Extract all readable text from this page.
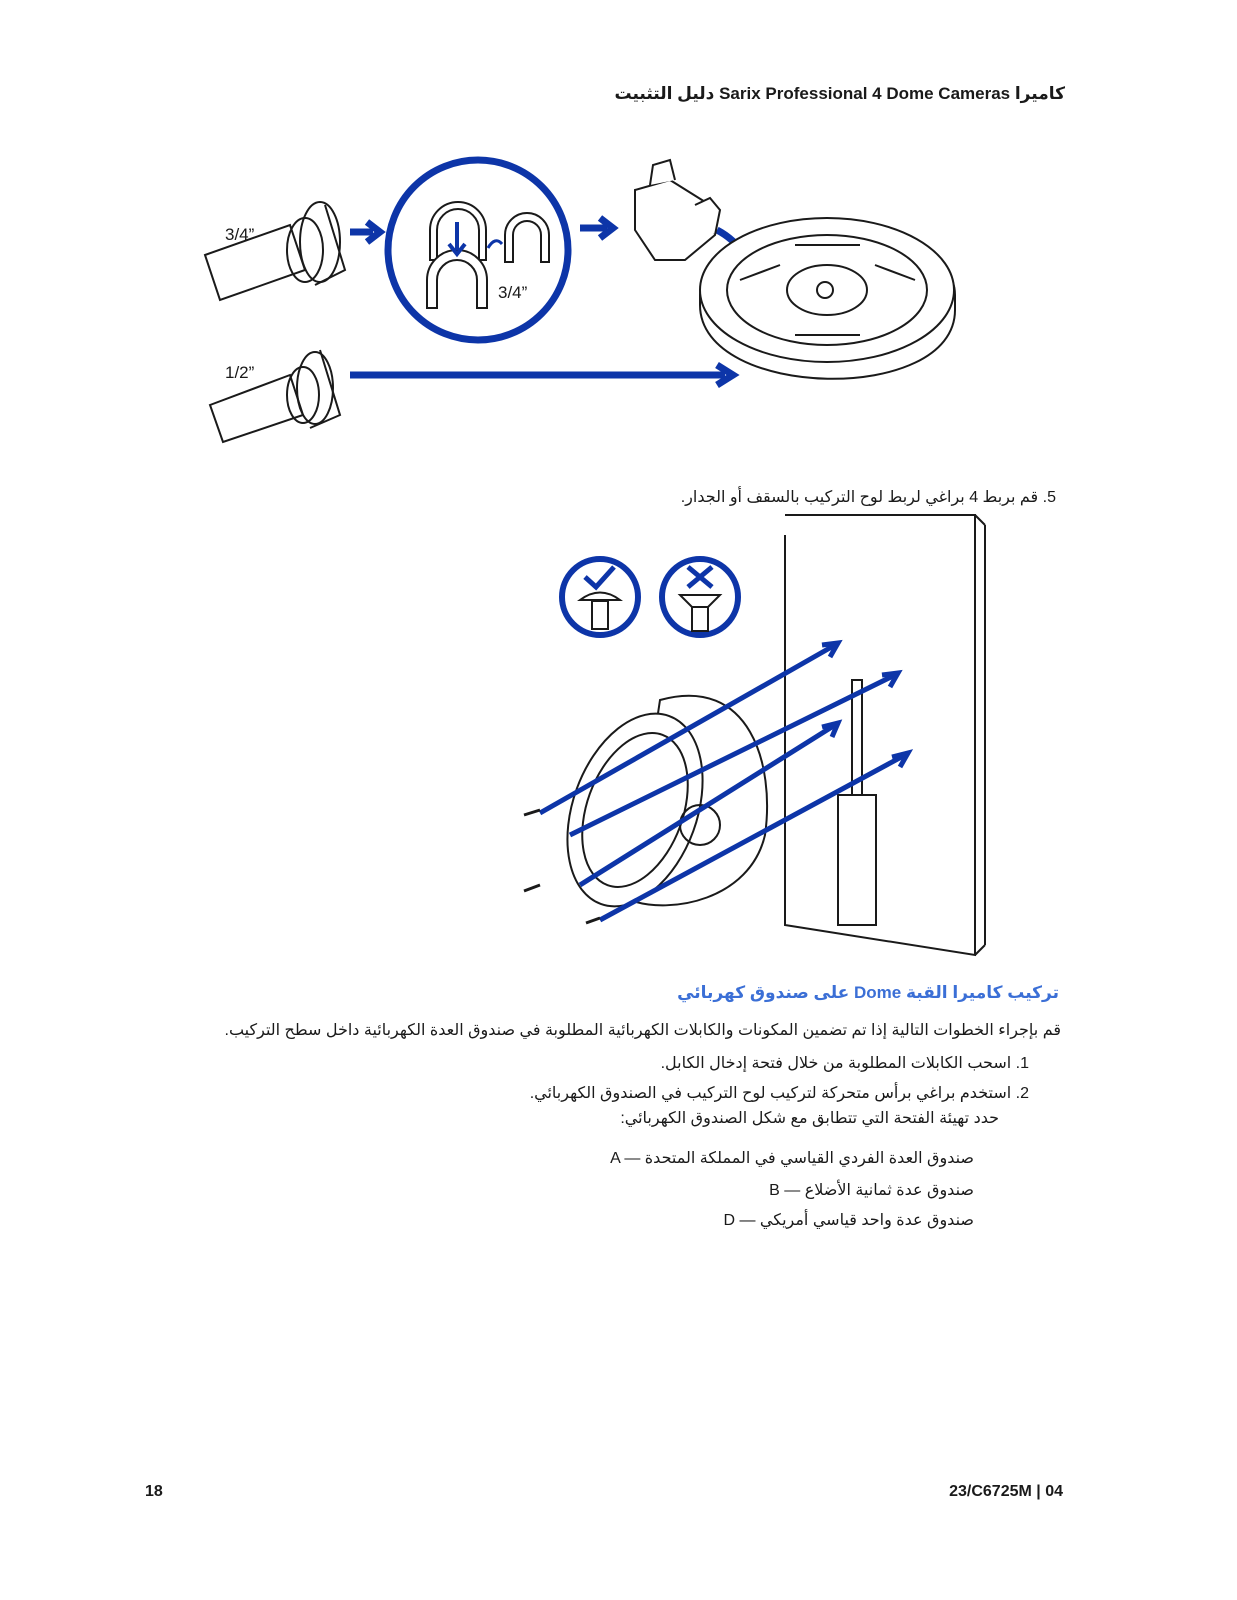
كاميرا Sarix Professional 4 Dome Cameras دليل التثبيت
3/4”
1/2”
3/4”
5. قم بربط 4 براغي لربط لوح التركيب بالسقف أو الجدار.
تركيب كاميرا القبة Dome على صندوق كهربائي
قم بإجراء الخطوات التالية إذا تم تضمين المكونات والكابلات الكهربائية المطلوبة في صندوق العدة الكهربائية داخل سطح التركيب.
1. اسحب الكابلات المطلوبة من خلال فتحة إدخال الكابل.
2. استخدم براغي برأس متحركة لتركيب لوح التركيب في الصندوق الكهربائي.
حدد تهيئة الفتحة التي تتطابق مع شكل الصندوق الكهربائي:
A — صندوق العدة الفردي القياسي في المملكة المتحدة
B — صندوق عدة ثمانية الأضلاع
D — صندوق عدة واحد قياسي أمريكي
18	23/C6725M | 04
